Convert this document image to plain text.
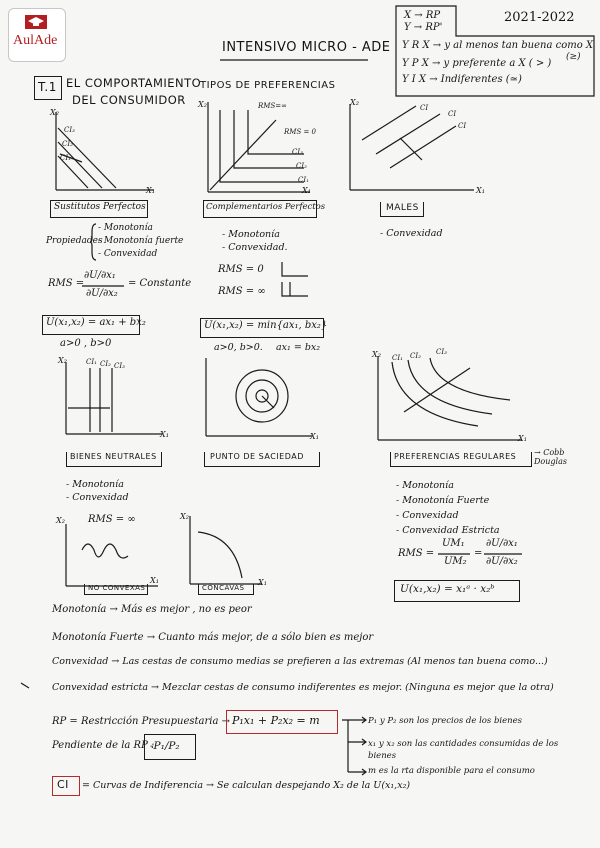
AulAde	INTENSIVO MICRO - ADE
2021-2022
X → RP
Y → RP'
Y R X → y al menos tan buena como X
(≥)
Y P X → y preferente a X ( > )
Y I X → Indiferentes (≃)
T.1 EL COMPORTAMIENTO
DEL CONSUMIDOR
TIPOS DE PREFERENCIAS
X₂
X₁
CI₃
CI₂
CI₁
X₂
X₁
RMS=∞
RMS = 0
CI₃
CI₂
CI₁
X₂
X₁
CI
CI
CI
Sustitutos Perfectos	Complementarios Perfectos	MALES
Propiedades
- Monotonía
- Monotonía fuerte
- Convexidad
RMS =
∂U/∂x₁
∂U/∂x₂
= Constante
U(x₁,x₂) = ax₁ + bx₂
a>0 , b>0
- Monotonía
- Convexidad.
RMS = 0
RMS = ∞
U(x₁,x₂) = min{ax₁, bx₂}
a>0, b>0. ax₁ = bx₂
- Convexidad
X₂
X₁
CI₁ CI₂ CI₃
X₁
X₂
X₁
CI₁ CI₂ CI₃
BIENES NEUTRALES	PUNTO DE SACIEDAD	PREFERENCIAS REGULARES → Cobb Douglas
- Monotonía
- Convexidad
RMS = ∞
- Monotonía
- Monotonía Fuerte
- Convexidad
- Convexidad Estricta
RMS =
UM₁
UM₂
=
∂U/∂x₁
∂U/∂x₂
U(x₁,x₂) = x₁ᵃ · x₂ᵇ
X₂
X₁
NO CONVEXAS
X₂
X₁
CÓNCAVAS
Monotonía → Más es mejor , no es peor
Monotonía Fuerte → Cuanto más mejor, de a sólo bien es mejor
Convexidad → Las cestas de consumo medias se prefieren a las extremas (Al menos tan buena como...)
Convexidad estricta → Mezclar cestas de consumo indiferentes es mejor. (Ninguna es mejor que la otra)
RP = Restricción Presupuestaria → P₁x₁ + P₂x₂ = m
Pendiente de la RP :
-P₁/P₂
P₁ y P₂ son los precios de los bienes
x₁ y x₂ son las cantidades consumidas de los bienes
m es la rta disponible para el consumo
CI = Curvas de Indiferencia → Se calculan despejando X₂ de la U(x₁,x₂)
